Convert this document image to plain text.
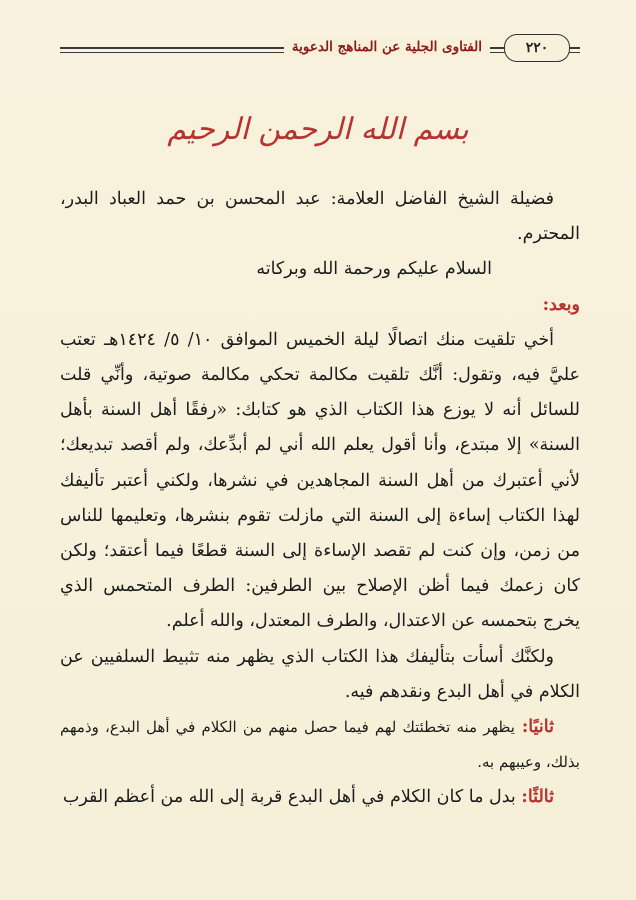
٢٢٠
الفتاوى الجلية عن المناهج الدعوية
بسم الله الرحمن الرحيم

فضيلة الشيخ الفاضل العلامة: عبد المحسن بن حمد العباد البدر، المحترم.

السلام عليكم ورحمة الله وبركاته

وبعد:

أخي تلقيت منك اتصالًا ليلة الخميس الموافق ١٠/ ٥/ ١٤٢٤هـ تعتب عليَّ فيه، وتقول: أنَّك تلقيت مكالمة تحكي مكالمة صوتية، وأنِّي قلت للسائل أنه لا يوزع هذا الكتاب الذي هو كتابك: «رفقًا أهل السنة بأهل السنة» إلا مبتدع، وأنا أقول يعلم الله أني لم أبدِّعك، ولم أقصد تبديعك؛ لأني أعتبرك من أهل السنة المجاهدين في نشرها، ولكني أعتبر تأليفك لهذا الكتاب إساءة إلى السنة التي مازلت تقوم بنشرها، وتعليمها للناس من زمن، وإن كنت لم تقصد الإساءة إلى السنة قطعًا فيما أعتقد؛ ولكن كان زعمك فيما أظن الإصلاح بين الطرفين: الطرف المتحمس الذي يخرج بتحمسه عن الاعتدال، والطرف المعتدل، والله أعلم.

ولكنَّك أسأت بتأليفك هذا الكتاب الذي يظهر منه تثبيط السلفيين عن الكلام في أهل البدع ونقدهم فيه.

ثانيًا: يظهر منه تخطئتك لهم فيما حصل منهم من الكلام في أهل البدع، وذمهم بذلك، وعيبهم به.

ثالثًا: بدل ما كان الكلام في أهل البدع قربة إلى الله من أعظم القرب
